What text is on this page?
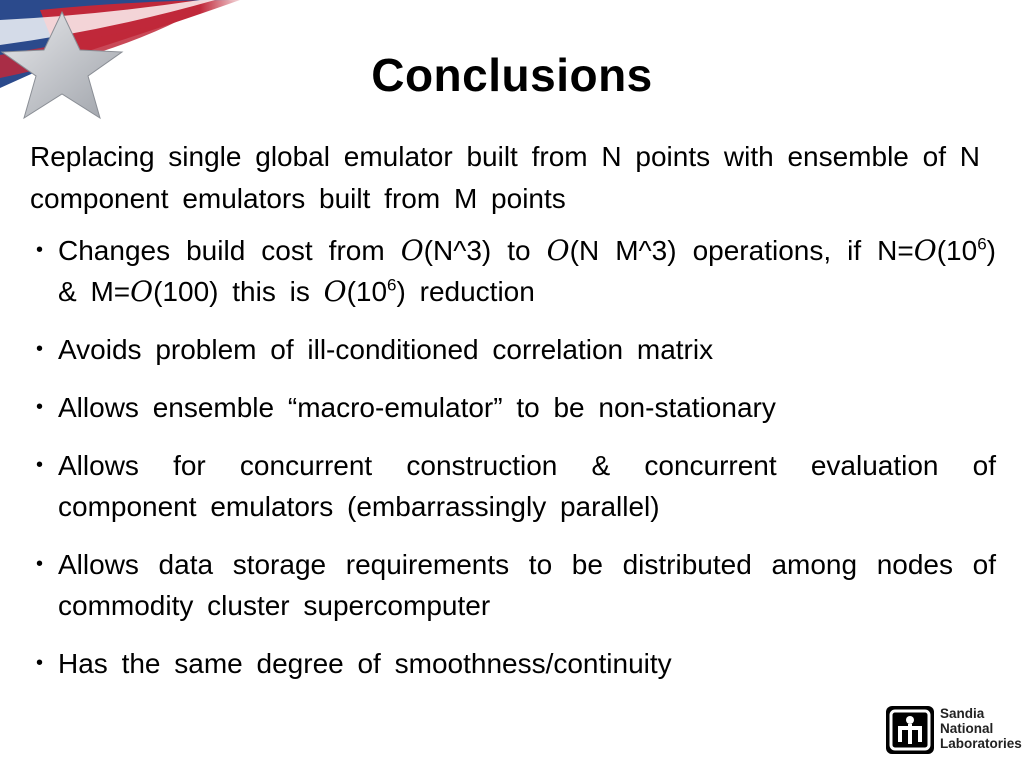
Conclusions
Replacing single global emulator built from N points with ensemble of N component emulators built from M points
• Changes build cost from O(N^3) to O(N M^3) operations, if $N=O(10^6)$ & M=O(100) this is $O(10^6)$ reduction
• Avoids problem of ill-conditioned correlation matrix
• Allows ensemble “macro-emulator” to be non-stationary
• Allows for concurrent construction & concurrent evaluation of component emulators (embarrassingly parallel)
• Allows data storage requirements to be distributed among nodes of commodity cluster supercomputer
• Has the same degree of smoothness/continuity
Sandia
National
Laboratories
